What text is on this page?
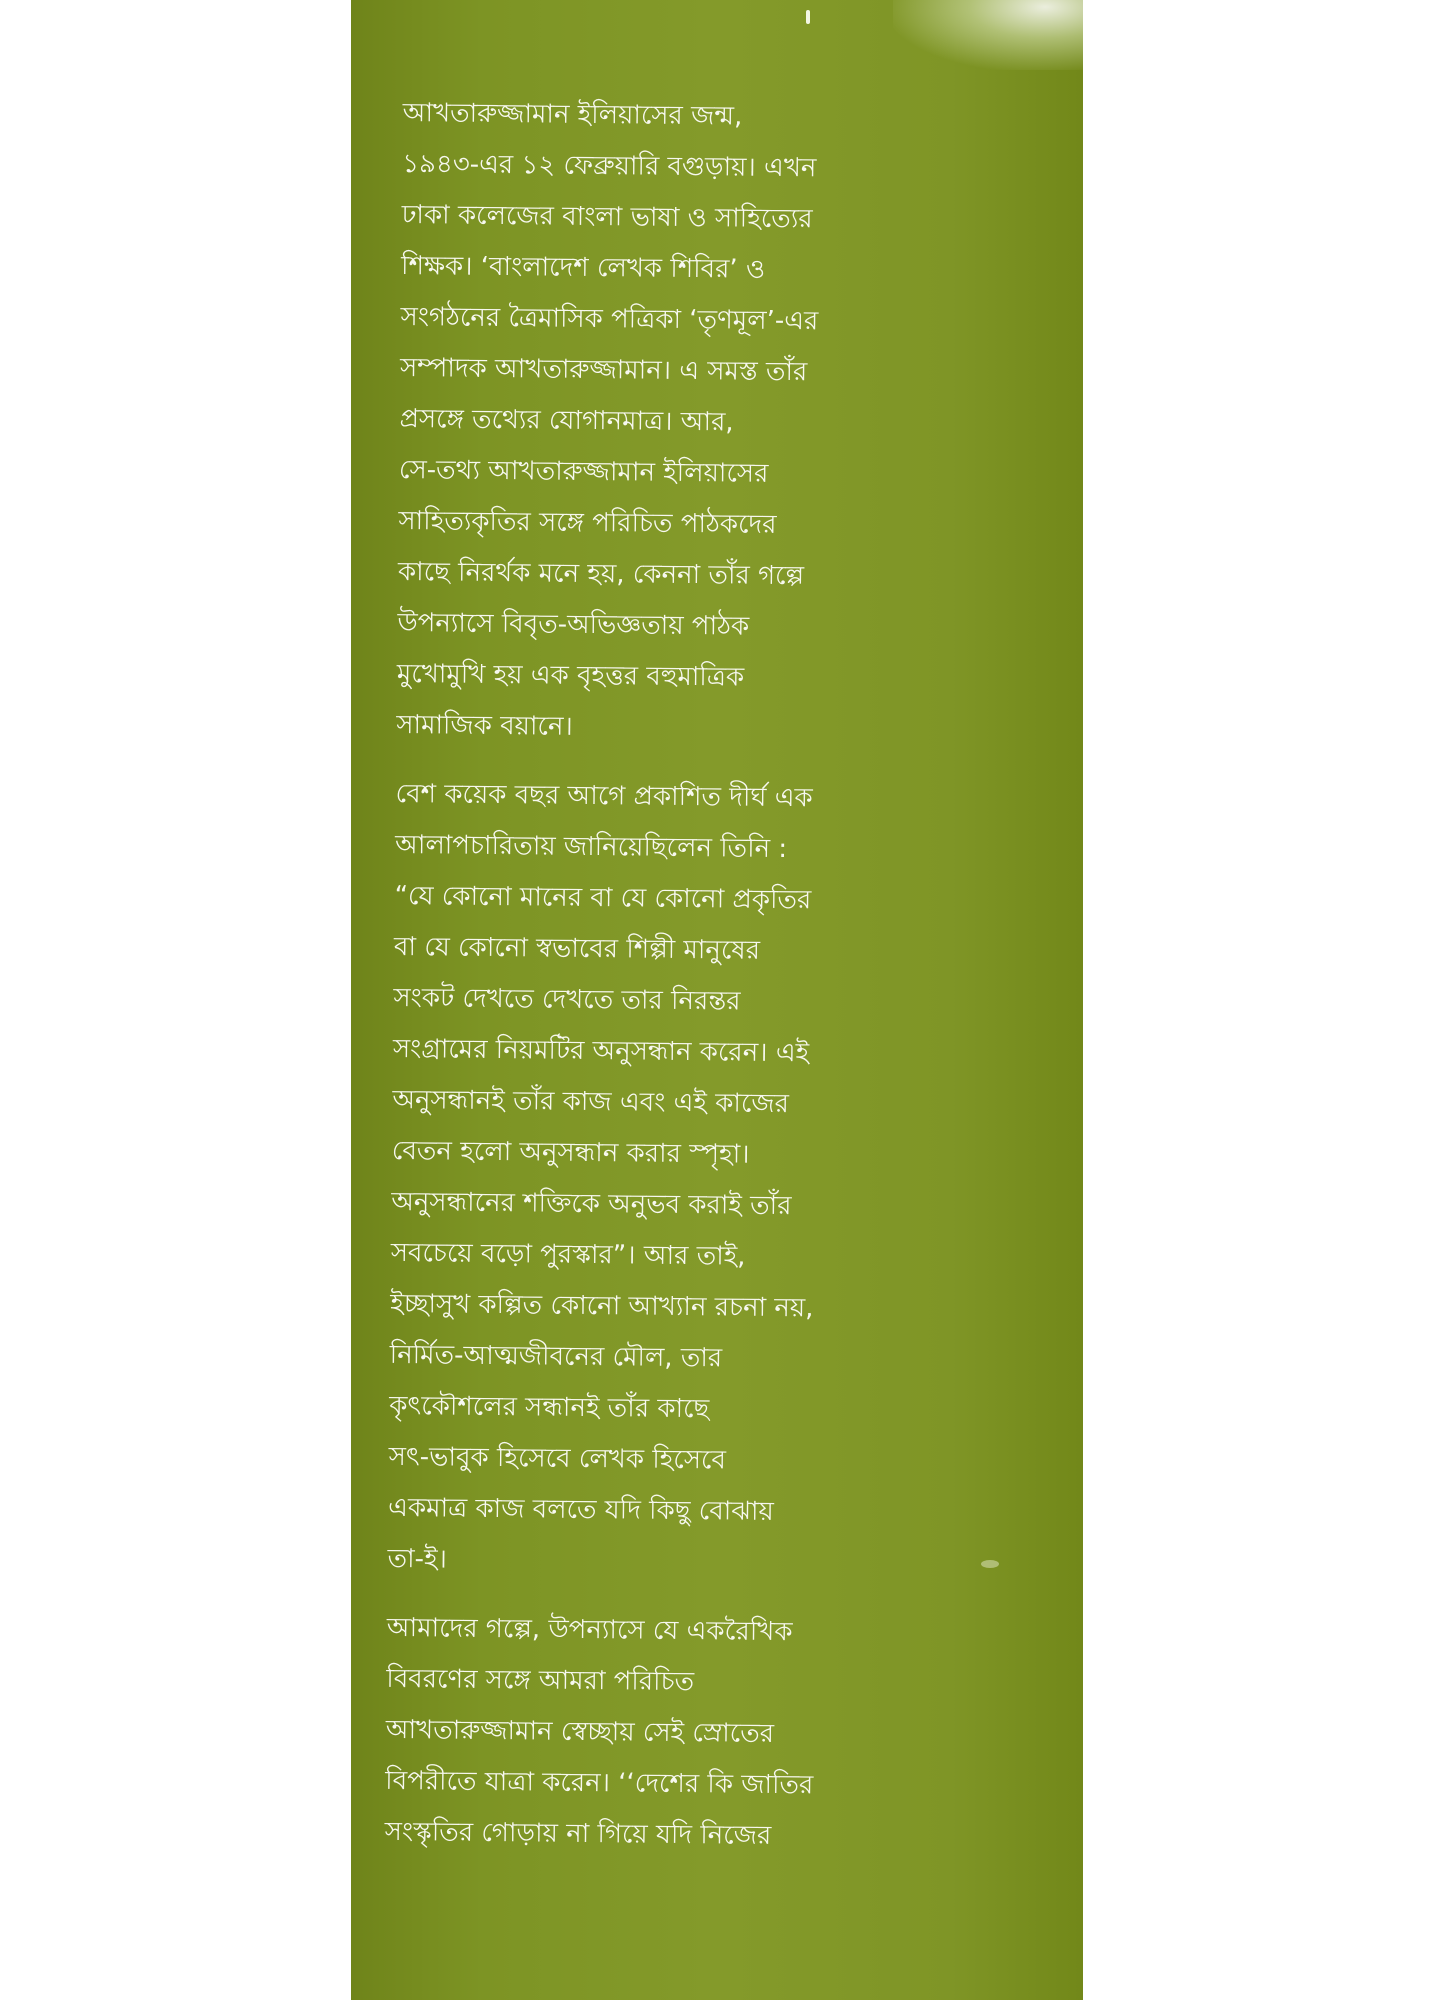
আখতারুজ্জামান ইলিয়াসের জন্ম,
১৯৪৩-এর ১২ ফেব্রুয়ারি বগুড়ায়। এখন
ঢাকা কলেজের বাংলা ভাষা ও সাহিত্যের
শিক্ষক। ‘বাংলাদেশ লেখক শিবির’ ও
সংগঠনের ত্রৈমাসিক পত্রিকা ‘তৃণমূল’-এর
সম্পাদক আখতারুজ্জামান। এ সমস্ত তাঁর
প্রসঙ্গে তথ্যের যোগানমাত্র। আর,
সে-তথ্য আখতারুজ্জামান ইলিয়াসের
সাহিত্যকৃতির সঙ্গে পরিচিত পাঠকদের
কাছে নিরর্থক মনে হয়, কেননা তাঁর গল্পে
উপন্যাসে বিবৃত-অভিজ্ঞতায় পাঠক
মুখোমুখি হয় এক বৃহত্তর বহুমাত্রিক
সামাজিক বয়ানে।
বেশ কয়েক বছর আগে প্রকাশিত দীর্ঘ এক
আলাপচারিতায় জানিয়েছিলেন তিনি :
“যে কোনো মানের বা যে কোনো প্রকৃতির
বা যে কোনো স্বভাবের শিল্পী মানুষের
সংকট দেখতে দেখতে তার নিরন্তর
সংগ্রামের নিয়মটির অনুসন্ধান করেন। এই
অনুসন্ধানই তাঁর কাজ এবং এই কাজের
বেতন হলো অনুসন্ধান করার স্পৃহা।
অনুসন্ধানের শক্তিকে অনুভব করাই তাঁর
সবচেয়ে বড়ো পুরস্কার”। আর তাই,
ইচ্ছাসুখ কল্পিত কোনো আখ্যান রচনা নয়,
নির্মিত-আত্মজীবনের মৌল, তার
কৃৎকৌশলের সন্ধানই তাঁর কাছে
সৎ-ভাবুক হিসেবে লেখক হিসেবে
একমাত্র কাজ বলতে যদি কিছু বোঝায়
তা-ই।
আমাদের গল্পে, উপন্যাসে যে একরৈখিক
বিবরণের সঙ্গে আমরা পরিচিত
আখতারুজ্জামান স্বেচ্ছায় সেই স্রোতের
বিপরীতে যাত্রা করেন। ‘‘দেশের কি জাতির
সংস্কৃতির গোড়ায় না গিয়ে যদি নিজের
